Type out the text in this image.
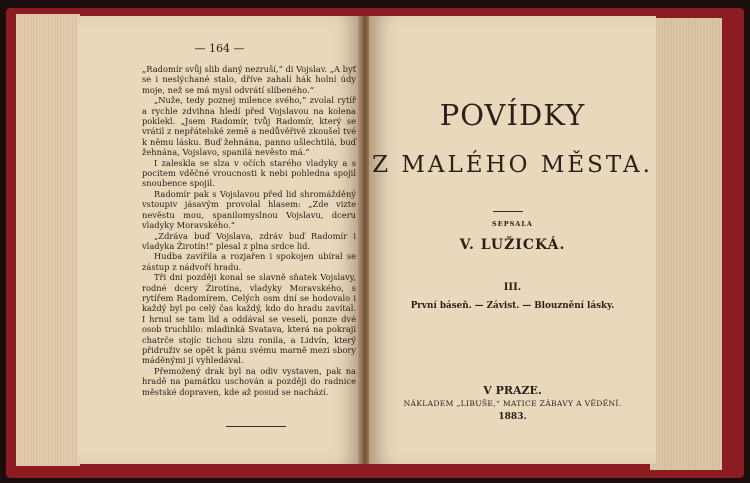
— 164 —

„Radomír svůj slib daný nezruší,“ di Vojslav. „A byť se i neslýchané stalo, dříve zahalí hák holní údy moje, než se má mysl odvrátí slíbeného.“

„Nuže, tedy poznej milence svého,“ zvolal rytíř a rychle zdvihna hledí před Vojslavou na kolena poklekl. „Jsem Radomír, tvůj Radomír, který se vrátil z nepřátelské země a nedůvěřivě zkoušel tvé k němu lásku. Buď žehnána, panno ušlechtilá, buď žehnána, Vojslavo, spanilá nevěsto má.“

I zaleskla se slza v očích starého vladyky a s pocitem vděčné vroucnosti k nebi pohledna spojil snoubence spojil.

Radomír pak s Vojslavou před lid shromážděný vstoupiv jásavým provolal hlasem: „Zde vizte nevěstu mou, spanilomyslnou Vojslavu, dceru vladyky Moravského.“

„Zdráva buď Vojslava, zdráv buď Radomír i vladyka Žirotín!“ plesal z plna srdce lid.

Hudba zavířila a rozjařen i spokojen ubíral se zástup z nádvoří hradu.

Tři dni později konal se slavně sňatek Vojslavy, rodné dcery Žirotína, vladyky Moravského, s rytířem Radomírem. Celých osm dní se hodovalo i každý byl po celý čas každý, kdo do hradu zavítal. I hrnul se tam lid a oddával se veselí, ponze dvé osob truchlilo: mladinká Svatava, která na pokraji chatrče stojíc tichou slzu ronila, a Lidvín, který přidruživ se opět k pánu svému marně mezi sbory máděnými jí vyhledával.

Přemožený drak byl na odiv vystaven, pak na hradě na památku uschován a později do radnice městské dopraven, kde až posud se nachází.

POVÍDKY
Z MALÉHO MĚSTA.
SEPSALA
V. LUŽICKÁ.
III.
První báseň. — Závist. — Blouznění lásky.
V PRAZE.
NÁKLADEM „LIBUŠE,“ MATICE ZÁBAVY A VĚDĚNÍ.
1883.
